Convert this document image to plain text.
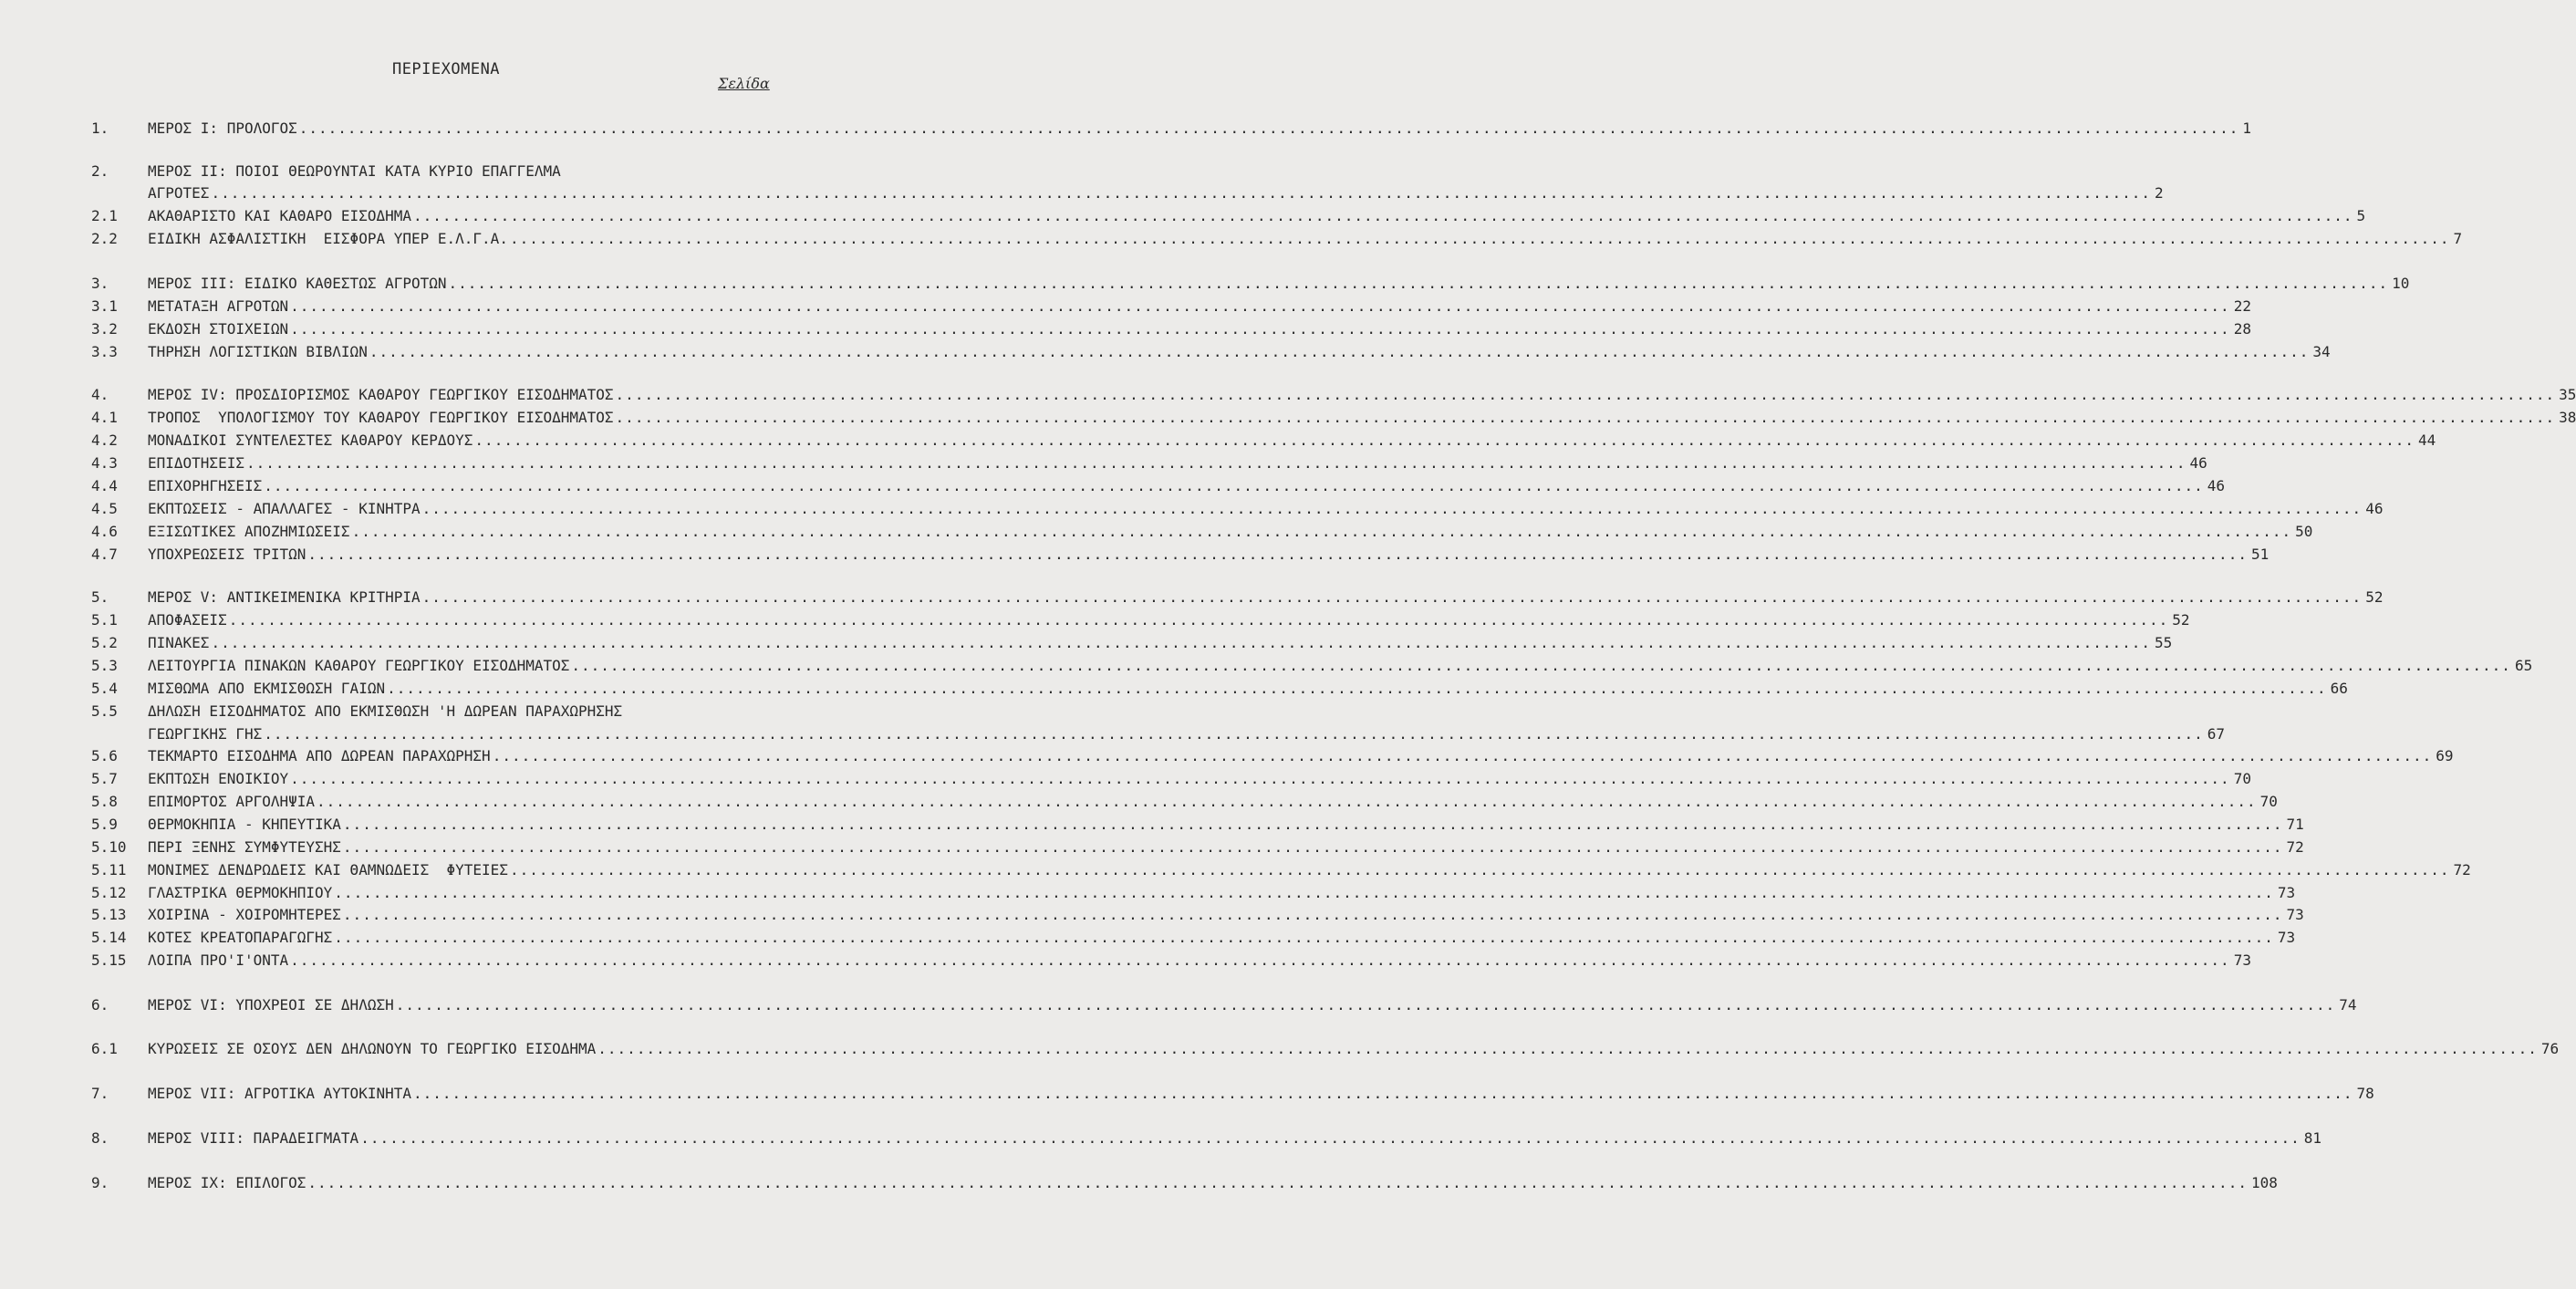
ΠΕΡΙΕΧΟΜΕΝΑ
Σελίδα
1.	ΜΕΡΟΣ Ι: ΠΡΟΛΟΓΟΣ ........................................................................................................................................................................................................ 1
2.	ΜΕΡΟΣ ΙΙ: ΠΟΙΟΙ ΘΕΩΡΟΥΝΤΑΙ ΚΑΤΑ ΚΥΡΙΟ ΕΠΑΓΓΕΛΜΑ
ΑΓΡΟΤΕΣ ........................................................................................................................................................................................................ 2
2.1 ΑΚΑΘΑΡΙΣΤΟ ΚΑΙ ΚΑΘΑΡΟ ΕΙΣΟΔΗΜΑ ........................................................................................................................................................................................................ 5
2.2 ΕΙΔΙΚΗ ΑΣΦΑΛΙΣΤΙΚΗ  ΕΙΣΦΟΡΑ ΥΠΕΡ Ε.Λ.Γ.Α. ........................................................................................................................................................................................................ 7
3.	ΜΕΡΟΣ ΙΙΙ: ΕΙΔΙΚΟ ΚΑΘΕΣΤΩΣ ΑΓΡΟΤΩΝ ........................................................................................................................................................................................................ 10
3.1 ΜΕΤΑΤΑΞΗ ΑΓΡΟΤΩΝ ........................................................................................................................................................................................................ 22
3.2 ΕΚΔΟΣΗ ΣΤΟΙΧΕΙΩΝ ........................................................................................................................................................................................................ 28
3.3 ΤΗΡΗΣΗ ΛΟΓΙΣΤΙΚΩΝ ΒΙΒΛΙΩΝ ........................................................................................................................................................................................................ 34
4.	ΜΕΡΟΣ IV: ΠΡΟΣΔΙΟΡΙΣΜΟΣ ΚΑΘΑΡΟΥ ΓΕΩΡΓΙΚΟΥ ΕΙΣΟΔΗΜΑΤΟΣ ........................................................................................................................................................................................................ 35
4.1 ΤΡΟΠΟΣ  ΥΠΟΛΟΓΙΣΜΟΥ ΤΟΥ ΚΑΘΑΡΟΥ ΓΕΩΡΓΙΚΟΥ ΕΙΣΟΔΗΜΑΤΟΣ ........................................................................................................................................................................................................ 38
4.2 ΜΟΝΑΔΙΚΟΙ ΣΥΝΤΕΛΕΣΤΕΣ ΚΑΘΑΡΟΥ ΚΕΡΔΟΥΣ ........................................................................................................................................................................................................ 44
4.3 ΕΠΙΔΟΤΗΣΕΙΣ ........................................................................................................................................................................................................ 46
4.4 ΕΠΙΧΟΡΗΓΗΣΕΙΣ ........................................................................................................................................................................................................ 46
4.5 ΕΚΠΤΩΣΕΙΣ - ΑΠΑΛΛΑΓΕΣ - ΚΙΝΗΤΡΑ ........................................................................................................................................................................................................ 46
4.6 ΕΞΙΣΩΤΙΚΕΣ ΑΠΟΖΗΜΙΩΣΕΙΣ ........................................................................................................................................................................................................ 50
4.7 ΥΠΟΧΡΕΩΣΕΙΣ ΤΡΙΤΩΝ ........................................................................................................................................................................................................ 51
5.	ΜΕΡΟΣ V: ΑΝΤΙΚΕΙΜΕΝΙΚΑ ΚΡΙΤΗΡΙΑ ........................................................................................................................................................................................................ 52
5.1 ΑΠΟΦΑΣΕΙΣ ........................................................................................................................................................................................................ 52
5.2 ΠΙΝΑΚΕΣ ........................................................................................................................................................................................................ 55
5.3 ΛΕΙΤΟΥΡΓΙΑ ΠΙΝΑΚΩΝ ΚΑΘΑΡΟΥ ΓΕΩΡΓΙΚΟΥ ΕΙΣΟΔΗΜΑΤΟΣ ........................................................................................................................................................................................................ 65
5.4 ΜΙΣΘΩΜΑ ΑΠΟ ΕΚΜΙΣΘΩΣΗ ΓΑΙΩΝ ........................................................................................................................................................................................................ 66
5.5 ΔΗΛΩΣΗ ΕΙΣΟΔΗΜΑΤΟΣ ΑΠΟ ΕΚΜΙΣΘΩΣΗ 'Η ΔΩΡΕΑΝ ΠΑΡΑΧΩΡΗΣΗΣ
ΓΕΩΡΓΙΚΗΣ ΓΗΣ ........................................................................................................................................................................................................ 67
5.6 ΤΕΚΜΑΡΤΟ ΕΙΣΟΔΗΜΑ ΑΠΟ ΔΩΡΕΑΝ ΠΑΡΑΧΩΡΗΣΗ ........................................................................................................................................................................................................ 69
5.7 ΕΚΠΤΩΣΗ ΕΝΟΙΚΙΟΥ ........................................................................................................................................................................................................ 70
5.8 ΕΠΙΜΟΡΤΟΣ ΑΡΓΟΛΗΨΙΑ ........................................................................................................................................................................................................ 70
5.9 ΘΕΡΜΟΚΗΠΙΑ - ΚΗΠΕΥΤΙΚΑ ........................................................................................................................................................................................................ 71
5.10 ΠΕΡΙ ΞΕΝΗΣ ΣΥΜΦΥΤΕΥΣΗΣ ........................................................................................................................................................................................................ 72
5.11 ΜΟΝΙΜΕΣ ΔΕΝΔΡΩΔΕΙΣ ΚΑΙ ΘΑΜΝΩΔΕΙΣ  ΦΥΤΕΙΕΣ ........................................................................................................................................................................................................ 72
5.12 ΓΛΑΣΤΡΙΚΑ ΘΕΡΜΟΚΗΠΙΟΥ ........................................................................................................................................................................................................ 73
5.13 ΧΟΙΡΙΝΑ - ΧΟΙΡΟΜΗΤΕΡΕΣ ........................................................................................................................................................................................................ 73
5.14 ΚΟΤΕΣ ΚΡΕΑΤΟΠΑΡΑΓΩΓΗΣ ........................................................................................................................................................................................................ 73
5.15 ΛΟΙΠΑ ΠΡΟ'Ι'ΟΝΤΑ ........................................................................................................................................................................................................ 73
6.	ΜΕΡΟΣ VI: ΥΠΟΧΡΕΟΙ ΣΕ ΔΗΛΩΣΗ ........................................................................................................................................................................................................ 74
6.1 ΚΥΡΩΣΕΙΣ ΣΕ ΟΣΟΥΣ ΔΕΝ ΔΗΛΩΝΟΥΝ ΤΟ ΓΕΩΡΓΙΚΟ ΕΙΣΟΔΗΜΑ ........................................................................................................................................................................................................ 76
7.	ΜΕΡΟΣ VII: ΑΓΡΟΤΙΚΑ ΑΥΤΟΚΙΝΗΤΑ ........................................................................................................................................................................................................ 78
8.	ΜΕΡΟΣ VIII: ΠΑΡΑΔΕΙΓΜΑΤΑ ........................................................................................................................................................................................................ 81
9.	ΜΕΡΟΣ ΙΧ: ΕΠΙΛΟΓΟΣ ........................................................................................................................................................................................................ 108
